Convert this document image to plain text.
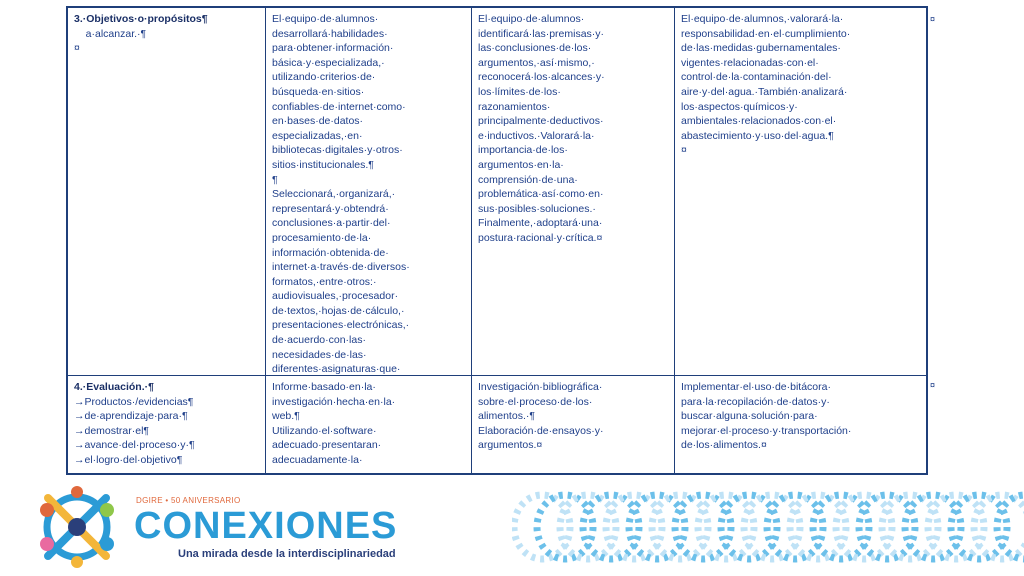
3.·Objetivos·o·propósitos¶
a·alcanzar.·¶
¤
El·equipo·de·alumnos·
desarrollará·habilidades·
para·obtener·información·
básica·y·especializada,·
utilizando·criterios·de·
búsqueda·en·sitios·
confiables·de·internet·como·
en·bases·de·datos·
especializadas,·en·
bibliotecas·digitales·y·otros·
sitios·institucionales.¶
¶
Seleccionará,·organizará,·
representará·y·obtendrá·
conclusiones·a·partir·del·
procesamiento·de·la·
información·obtenida·de·
internet·a·través·de·diversos·
formatos,·entre·otros:·
audiovisuales,·procesador·
de·textos,·hojas·de·cálculo,·
presentaciones·electrónicas,·
de·acuerdo·con·las·
necesidades·de·las·
diferentes·asignaturas·que·

El·equipo·de·alumnos·
identificará·las·premisas·y·
las·conclusiones·de·los·
argumentos,·así·mismo,·
reconocerá·los·alcances·y·
los·límites·de·los·
razonamientos·
principalmente·deductivos·
e·inductivos.·Valorará·la·
importancia·de·los·
argumentos·en·la·
comprensión·de·una·
problemática·así·como·en·
sus·posibles·soluciones.·
Finalmente,·adoptará·una·
postura·racional·y·crítica.¤
El·equipo·de·alumnos,·valorará·la·
responsabilidad·en·el·cumplimiento·
de·las·medidas·gubernamentales·
vigentes·relacionadas·con·el·
control·de·la·contaminación·del·
aire·y·del·agua.·También·analizará·
los·aspectos·químicos·y·
ambientales·relacionados·con·el·
abastecimiento·y·uso·del·agua.¶
¤
4.·Evaluación.·¶
→Productos·/evidencias¶
→de·aprendizaje·para·¶
→demostrar·el¶
→avance·del·proceso·y·¶
→el·logro·del·objetivo¶
Informe·basado·en·la·
investigación·hecha·en·la·
web.¶
Utilizando·el·software·
adecuado·presentaran·
adecuadamente·la·
Investigación·bibliográfica·
sobre·el·proceso·de·los·
alimentos.·¶
Elaboración·de·ensayos·y·
argumentos.¤
Implementar·el·uso·de·bitácora·
para·la·recopilación·de·datos·y·
buscar·alguna·solución·para·
mejorar·el·proceso·y·transportación·
de·los·alimentos.¤
¤
¤
DGIRE • 50 ANIVERSARIO
CONEXIONES
Una mirada desde la interdisciplinariedad
